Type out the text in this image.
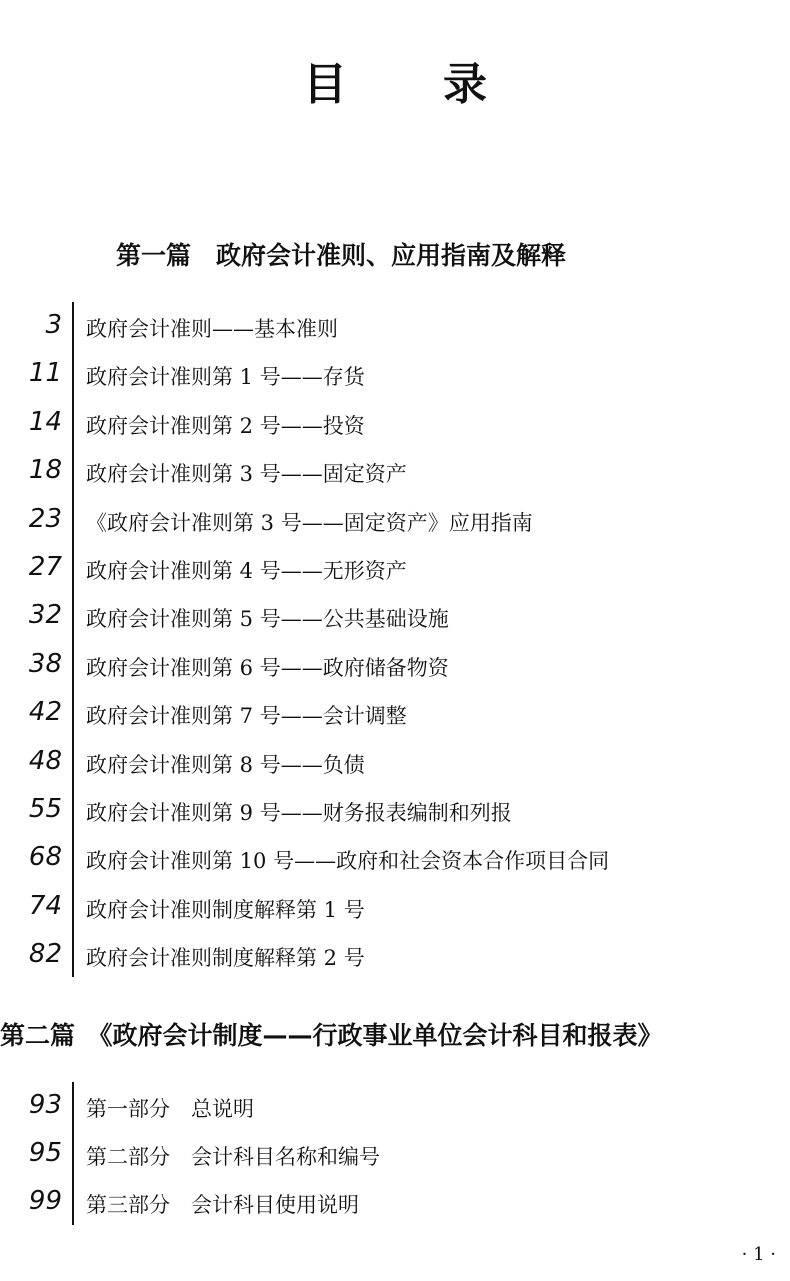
目 录
第一篇　政府会计准则、应用指南及解释
3 政府会计准则——基本准则
11 政府会计准则第 1 号——存货
14 政府会计准则第 2 号——投资
18 政府会计准则第 3 号——固定资产
23 《政府会计准则第 3 号——固定资产》应用指南
27 政府会计准则第 4 号——无形资产
32 政府会计准则第 5 号——公共基础设施
38 政府会计准则第 6 号——政府储备物资
42 政府会计准则第 7 号——会计调整
48 政府会计准则第 8 号——负债
55 政府会计准则第 9 号——财务报表编制和列报
68 政府会计准则第 10 号——政府和社会资本合作项目合同
74 政府会计准则制度解释第 1 号
82 政府会计准则制度解释第 2 号
第二篇　《政府会计制度——行政事业单位会计科目和报表》
93 第一部分　总说明
95 第二部分　会计科目名称和编号
99 第三部分　会计科目使用说明
· 1 ·
